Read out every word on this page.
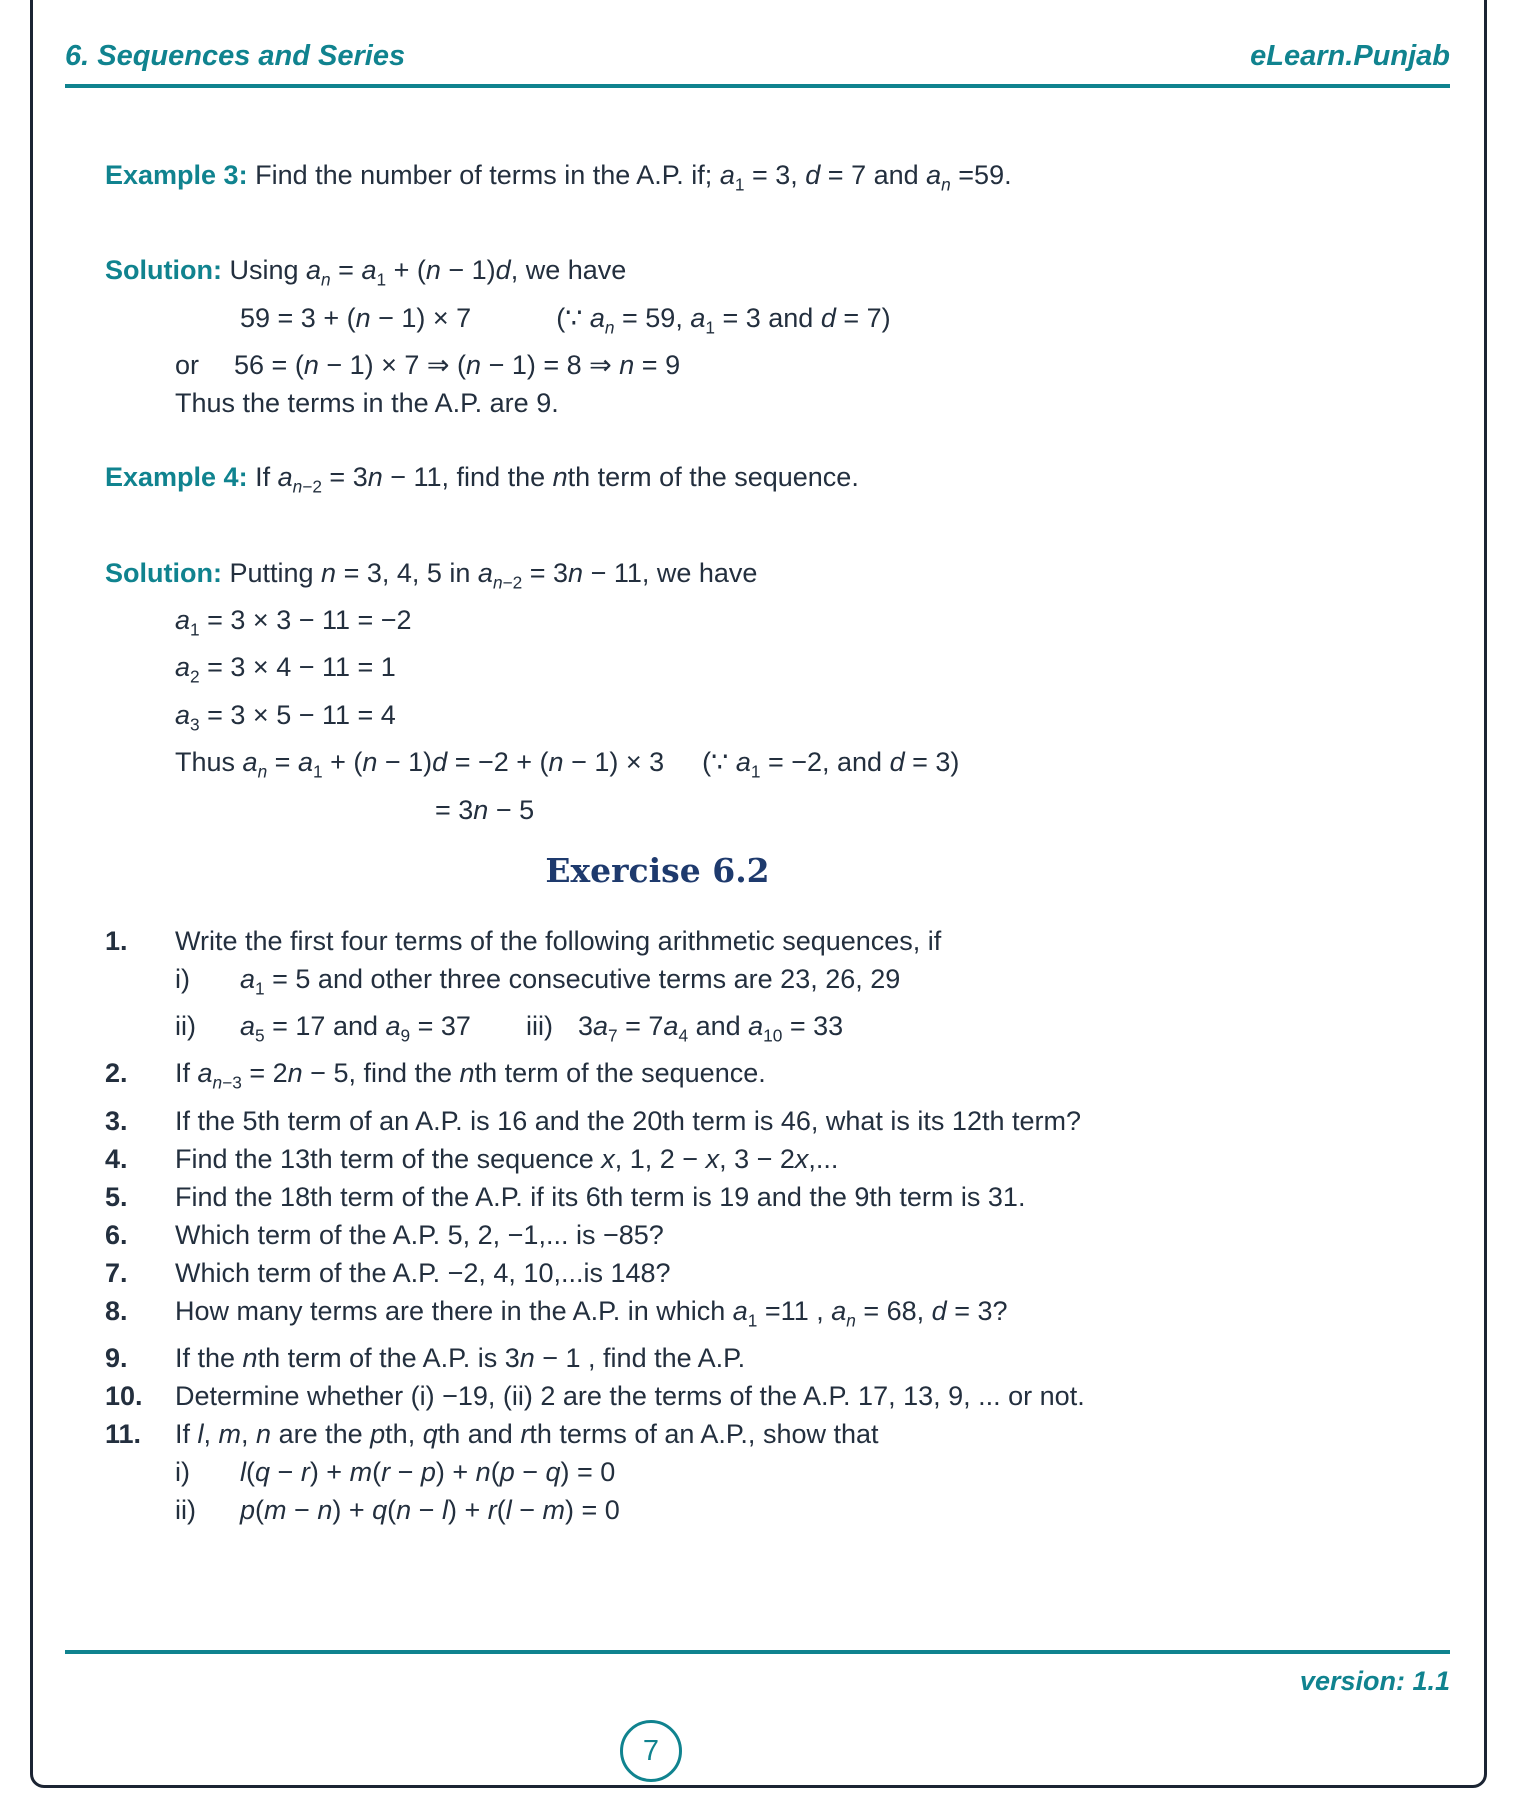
6. Sequences and Series	eLearn.Punjab

Example 3: Find the number of terms in the A.P. if; $a_1 = 3$, d = 7 and $a_n =59$.

Solution: Using $a_n = a_1 + (n - 1)d$, we have

59 = 3 + (n − 1) × 7	(∵ $a_n = 59$, $a_1 = 3$ and d = 7)

or 56 = (n − 1) × 7 ⇒ (n − 1) = 8 ⇒ n = 9

Thus the terms in the A.P. are 9.

Example 4: If $a_{n-2} = 3n - 11$, find the nth term of the sequence.

Solution: Putting n = 3, 4, 5 in $a_{n-2} = 3n - 11$, we have

$a_1 = 3 \times 3 - 11 = -2$

$a_2 = 3 \times 4 - 11 = 1$

$a_3 = 3 \times 5 - 11 = 4$

Thus $a_n = a_1 + (n - 1)d = -2 + (n - 1) \times 3$ (∵ $a_1 = -2$, and d = 3)

= 3n − 5

Exercise 6.2
1.	Write the first four terms of the following arithmetic sequences, if
i)	$a_1 = 5$ and other three consecutive terms are 23, 26, 29
ii)	$a_5 = 17$ and $a_9 = 37$ iii) $3a_7 = 7a_4$ and $a_{10} = 33$
2.	If $a_{n-3} = 2n - 5$, find the nth term of the sequence.
3.	If the 5th term of an A.P. is 16 and the 20th term is 46, what is its 12th term?
4.	Find the 13th term of the sequence x, 1, 2 − x, 3 − 2x,...
5.	Find the 18th term of the A.P. if its 6th term is 19 and the 9th term is 31.
6.	Which term of the A.P. 5, 2, −1,... is −85?
7.	Which term of the A.P. −2, 4, 10,...is 148?
8.	How many terms are there in the A.P. in which $a_1 =11$ , $a_n = 68$, d = 3?
9.	If the nth term of the A.P. is 3n − 1 , find the A.P.
10.	Determine whether (i) −19, (ii) 2 are the terms of the A.P. 17, 13, 9, ... or not.
11.	If l, m, n are the pth, qth and rth terms of an A.P., show that
i)	l(q − r) + m(r − p) + n(p − q) = 0
ii)	p(m − n) + q(n − l) + r(l − m) = 0
version: 1.1
7
